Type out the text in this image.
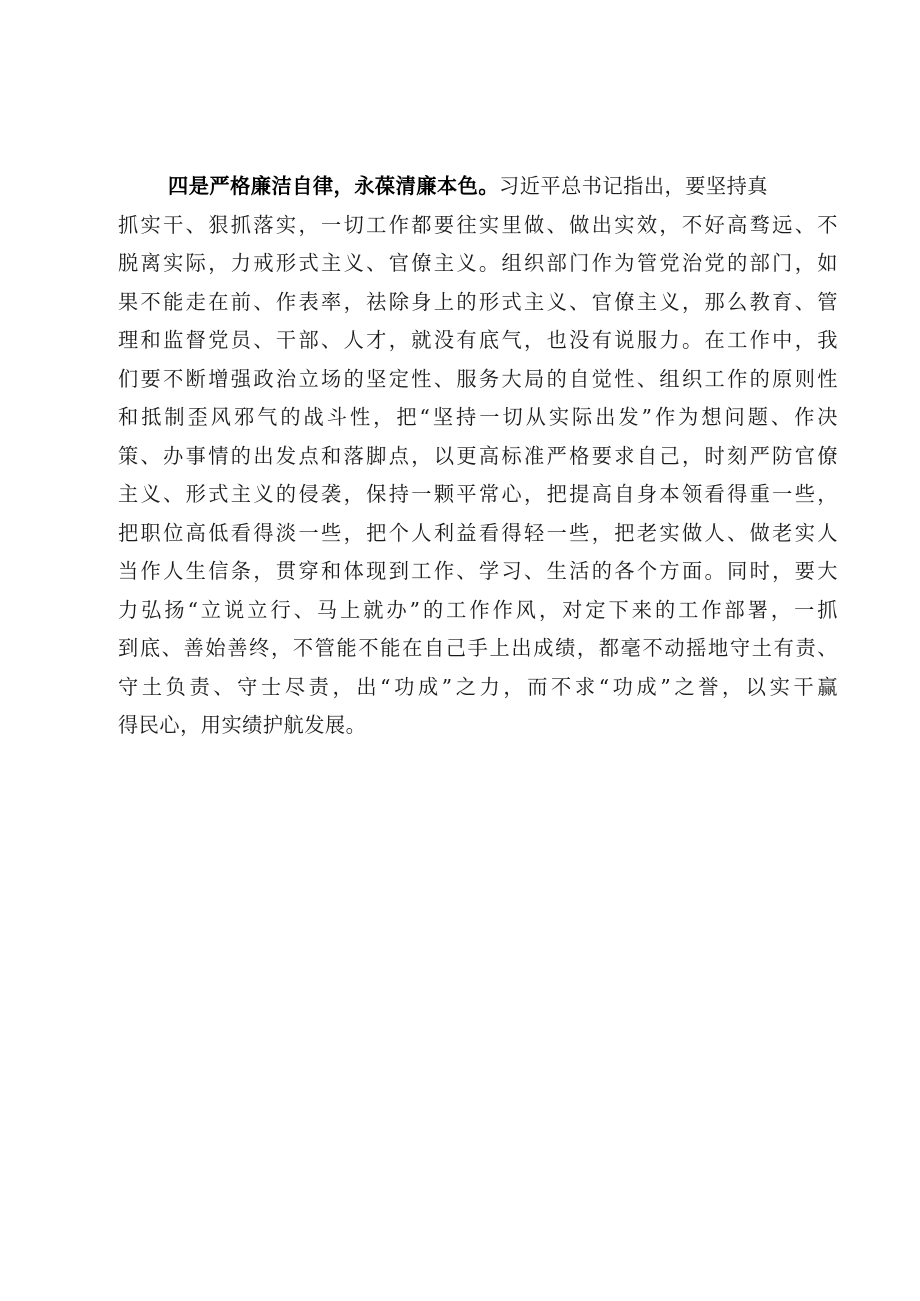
四是严格廉洁自律，永葆清廉本色。习近平总书记指出，要坚持真
抓实干、狠抓落实，一切工作都要往实里做、做出实效，不好高骛远、不
脱离实际，力戒形式主义、官僚主义。组织部门作为管党治党的部门，如
果不能走在前、作表率，祛除身上的形式主义、官僚主义，那么教育、管
理和监督党员、干部、人才，就没有底气，也没有说服力。在工作中，我
们要不断增强政治立场的坚定性、服务大局的自觉性、组织工作的原则性
和抵制歪风邪气的战斗性，把“坚持一切从实际出发”作为想问题、作决
策、办事情的出发点和落脚点，以更高标准严格要求自己，时刻严防官僚
主义、形式主义的侵袭，保持一颗平常心，把提高自身本领看得重一些，
把职位高低看得淡一些，把个人利益看得轻一些，把老实做人、做老实人
当作人生信条，贯穿和体现到工作、学习、生活的各个方面。同时，要大
力弘扬“立说立行、马上就办”的工作作风，对定下来的工作部署，一抓
到底、善始善终，不管能不能在自己手上出成绩，都毫不动摇地守土有责、
守土负责、守士尽责，出“功成”之力，而不求“功成”之誉，以实干赢
得民心，用实绩护航发展。
